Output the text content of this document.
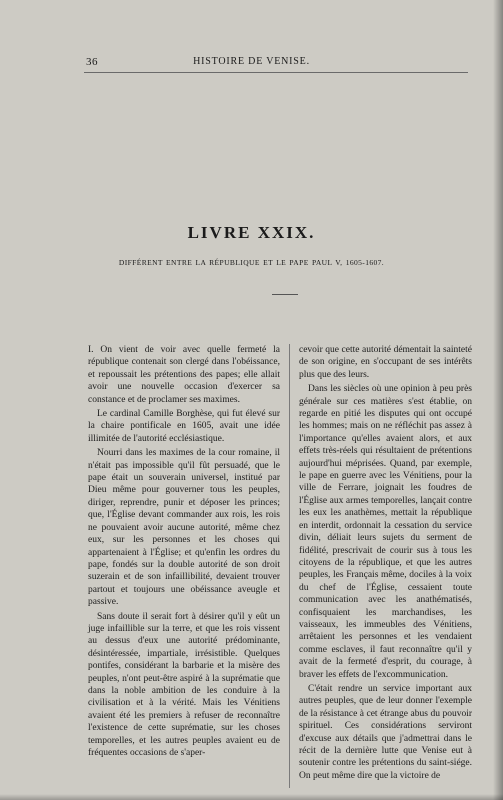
36	HISTOIRE DE VENISE.
LIVRE XXIX.
DIFFÉRENT ENTRE LA RÉPUBLIQUE ET LE PAPE PAUL V, 1605-1607.

I. On vient de voir avec quelle fermeté la république contenait son clergé dans l'obéissance, et repoussait les prétentions des papes; elle allait avoir une nouvelle occasion d'exercer sa constance et de proclamer ses maximes.

Le cardinal Camille Borghèse, qui fut élevé sur la chaire pontificale en 1605, avait une idée illimitée de l'autorité ecclésiastique.

Nourri dans les maximes de la cour romaine, il n'était pas impossible qu'il fût persuadé, que le pape était un souverain universel, institué par Dieu même pour gouverner tous les peuples, diriger, reprendre, punir et déposer les princes; que, l'Église devant commander aux rois, les rois ne pouvaient avoir aucune autorité, même chez eux, sur les personnes et les choses qui appartenaient à l'Église; et qu'enfin les ordres du pape, fondés sur la double autorité de son droit suzerain et de son infaillibilité, devaient trouver partout et toujours une obéissance aveugle et passive.

Sans doute il serait fort à désirer qu'il y eût un juge infaillible sur la terre, et que les rois vissent au dessus d'eux une autorité prédominante, désintéressée, impartiale, irrésistible. Quelques pontifes, considérant la barbarie et la misère des peuples, n'ont peut-être aspiré à la suprématie que dans la noble ambition de les conduire à la civilisation et à la vérité. Mais les Vénitiens avaient été les premiers à refuser de reconnaître l'existence de cette suprématie, sur les choses temporelles, et les autres peuples avaient eu de fréquentes occasions de s'aper-

cevoir que cette autorité démentait la sainteté de son origine, en s'occupant de ses intérêts plus que des leurs.

Dans les siècles où une opinion à peu près générale sur ces matières s'est établie, on regarde en pitié les disputes qui ont occupé les hommes; mais on ne réfléchit pas assez à l'importance qu'elles avaient alors, et aux effets très-réels qui résultaient de prétentions aujourd'hui méprisées. Quand, par exemple, le pape en guerre avec les Vénitiens, pour la ville de Ferrare, joignait les foudres de l'Église aux armes temporelles, lançait contre les eux les anathèmes, mettait la république en interdit, ordonnait la cessation du service divin, déliait leurs sujets du serment de fidélité, prescrivait de courir sus à tous les citoyens de la république, et que les autres peuples, les Français même, dociles à la voix du chef de l'Église, cessaient toute communication avec les anathématisés, confisquaient les marchandises, les vaisseaux, les immeubles des Vénitiens, arrêtaient les personnes et les vendaient comme esclaves, il faut reconnaître qu'il y avait de la fermeté d'esprit, du courage, à braver les effets de l'excommunication.

C'était rendre un service important aux autres peuples, que de leur donner l'exemple de la résistance à cet étrange abus du pouvoir spirituel. Ces considérations serviront d'excuse aux détails que j'admettrai dans le récit de la dernière lutte que Venise eut à soutenir contre les prétentions du saint-siége. On peut même dire que la victoire de
